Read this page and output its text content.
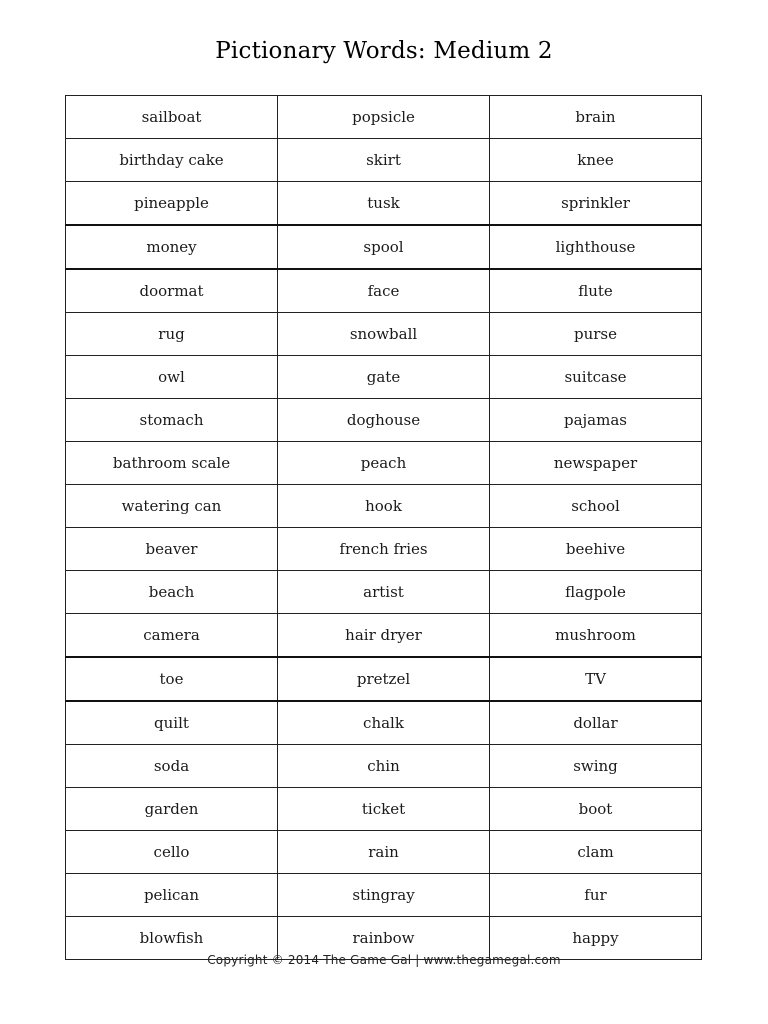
Pictionary Words: Medium 2
sailboat	popsicle	brain
birthday cake	skirt	knee
pineapple	tusk	sprinkler
money	spool	lighthouse
doormat	face	flute
rug	snowball	purse
owl	gate	suitcase
stomach	doghouse	pajamas
bathroom scale	peach	newspaper
watering can	hook	school
beaver	french fries	beehive
beach	artist	flagpole
camera	hair dryer	mushroom
toe	pretzel	TV
quilt	chalk	dollar
soda	chin	swing
garden	ticket	boot
cello	rain	clam
pelican	stingray	fur
blowfish	rainbow	happy
Copyright © 2014 The Game Gal | www.thegamegal.com
